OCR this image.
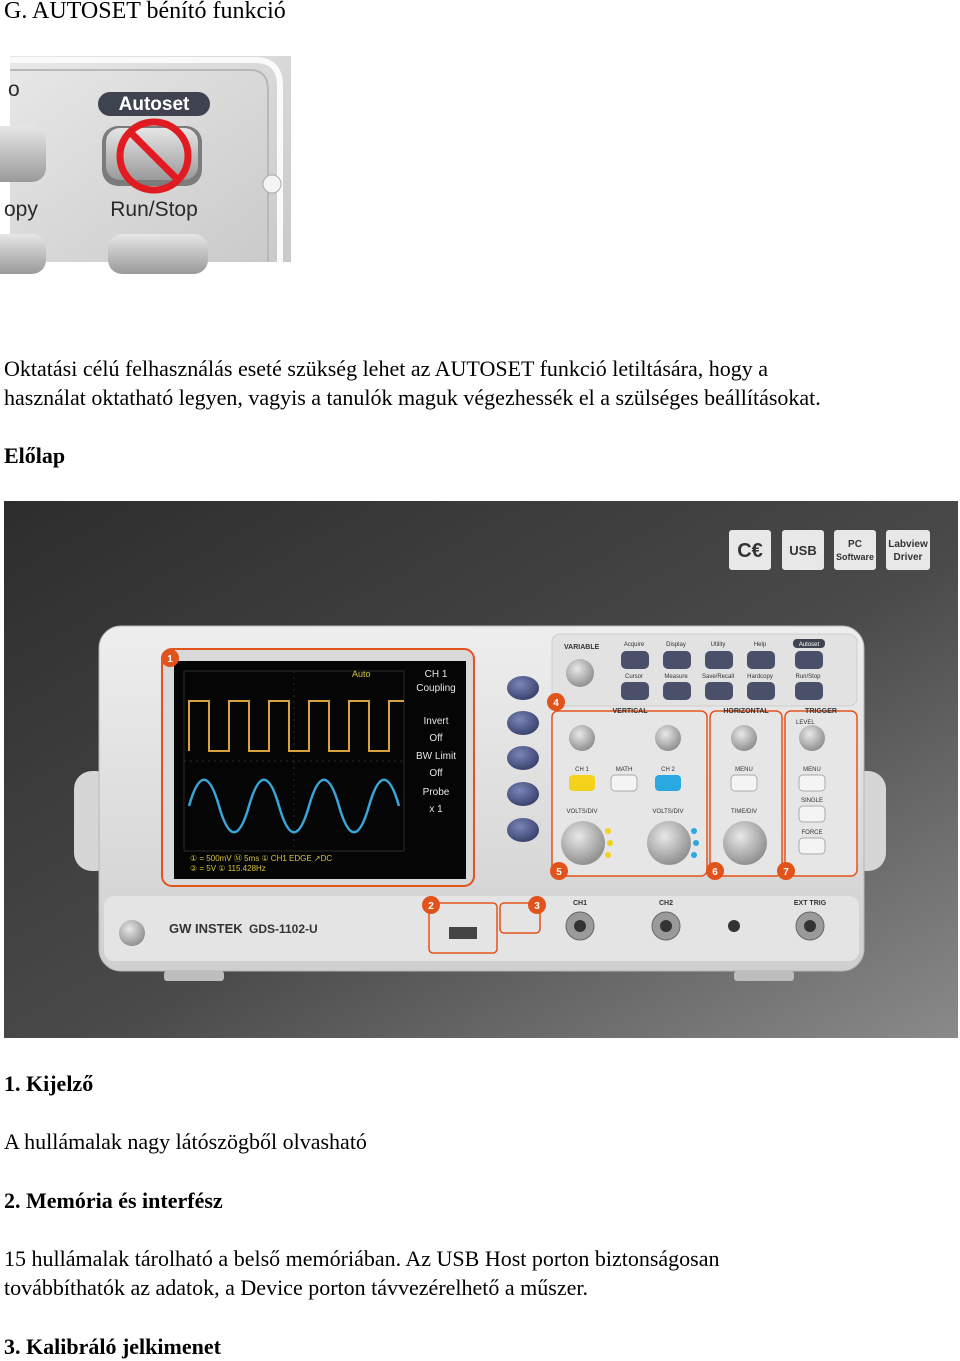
G. AUTOSET bénító funkció
Autoset
Run/Stop
o
opy
Oktatási célú felhasználás eseté szükség lehet az AUTOSET funkció letiltására, hogy a
használat oktatható legyen, vagyis a tanulók maguk végezhessék el a szülséges beállításokat.
Előlap
C€ USB	PC
Software
Labview
Driver
Auto	CH 1
Coupling
Invert
Off
BW Limit
Off
Probe
x 1
① = 500mV Ⓜ 5ms ① CH1 EDGE ↗DC
② = 5V ① 115.428Hz
VARIABLE	Acquire	Display	Utility	Help
Cursor	Measure Save/Recall Hardcopy	Run/Stop
Autoset
VERTICAL	HORIZONTAL	TRIGGER
LEVEL
CH 1	MATH	CH 2	MENU	MENU
SINGLE
FORCE
VOLTS/DIV	VOLTS/DIV	TIME/DIV
GW INSTEK GDS-1102-U
CH1	CH2	EXT TRIG
1
2	3
4
5	6	7
1. Kijelző
A hullámalak nagy látószögből olvasható
2. Memória és interfész
15 hullámalak tárolható a belső memóriában. Az USB Host porton biztonságosan
továbbíthatók az adatok, a Device porton távvezérelhető a műszer.
3. Kalibráló jelkimenet
